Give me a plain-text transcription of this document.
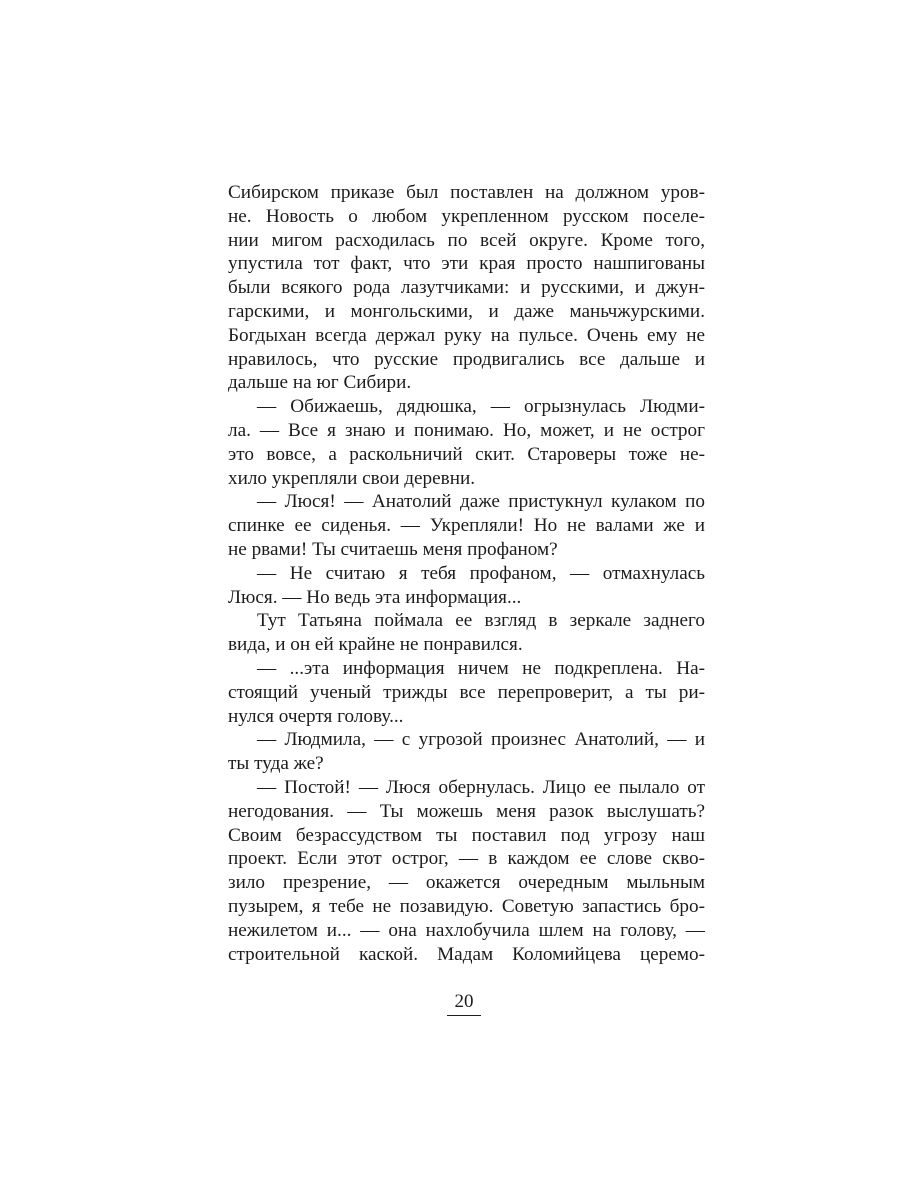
Сибирском приказе был поставлен на должном уров-
не. Новость о любом укрепленном русском поселе-
нии мигом расходилась по всей округе. Кроме того,
упустила тот факт, что эти края просто нашпигованы
были всякого рода лазутчиками: и русскими, и джун-
гарскими, и монгольскими, и даже маньчжурскими.
Богдыхан всегда держал руку на пульсе. Очень ему не
нравилось, что русские продвигались все дальше и
дальше на юг Сибири.
— Обижаешь, дядюшка, — огрызнулась Людми-
ла. — Все я знаю и понимаю. Но, может, и не острог
это вовсе, а раскольничий скит. Староверы тоже не-
хило укрепляли свои деревни.
— Люся! — Анатолий даже пристукнул кулаком по
спинке ее сиденья. — Укрепляли! Но не валами же и
не рвами! Ты считаешь меня профаном?
— Не считаю я тебя профаном, — отмахнулась
Люся. — Но ведь эта информация...
Тут Татьяна поймала ее взгляд в зеркале заднего
вида, и он ей крайне не понравился.
— ...эта информация ничем не подкреплена. На-
стоящий ученый трижды все перепроверит, а ты ри-
нулся очертя голову...
— Людмила, — с угрозой произнес Анатолий, — и
ты туда же?
— Постой! — Люся обернулась. Лицо ее пылало от
негодования. — Ты можешь меня разок выслушать?
Своим безрассудством ты поставил под угрозу наш
проект. Если этот острог, — в каждом ее слове скво-
зило презрение, — окажется очередным мыльным
пузырем, я тебе не позавидую. Советую запастись бро-
нежилетом и... — она нахлобучила шлем на голову, —
строительной каской. Мадам Коломийцева церемо-
20
